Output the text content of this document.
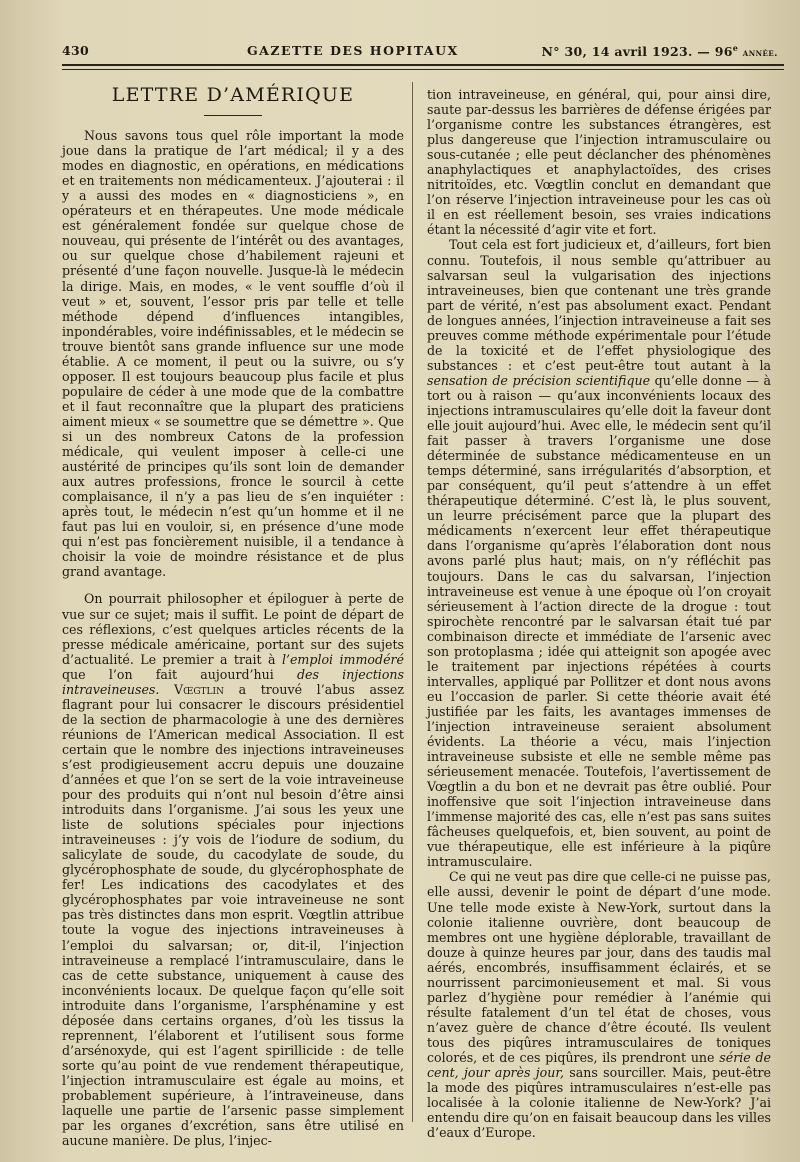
430	GAZETTE DES HOPITAUX	N° 30, 14 avril 1923. — 96e année.
LETTRE D’AMÉRIQUE

Nous savons tous quel rôle important la mode joue dans la pratique de l’art médical; il y a des modes en diagnostic, en opérations, en médications et en traitements non médicamenteux. J’ajouterai : il y a aussi des modes en « diagnosticiens », en opérateurs et en thérapeutes. Une mode médicale est généralement fondée sur quelque chose de nouveau, qui présente de l’intérêt ou des avantages, ou sur quelque chose d’habilement rajeuni et présenté d’une façon nouvelle. Jusque-là le médecin la dirige. Mais, en modes, « le vent souffle d’où il veut » et, souvent, l’essor pris par telle et telle méthode dépend d’influences intangibles, inpondérables, voire indéfinissables, et le médecin se trouve bientôt sans grande influence sur une mode établie. A ce moment, il peut ou la suivre, ou s’y opposer. Il est toujours beaucoup plus facile et plus populaire de céder à une mode que de la combattre et il faut reconnaître que la plupart des praticiens aiment mieux « se soumettre que se démettre ». Que si un des nombreux Catons de la profession médicale, qui veulent imposer à celle-ci une austérité de principes qu’ils sont loin de demander aux autres professions, fronce le sourcil à cette complaisance, il n’y a pas lieu de s’en inquiéter : après tout, le médecin n’est qu’un homme et il ne faut pas lui en vouloir, si, en présence d’une mode qui n’est pas foncièrement nuisible, il a tendance à choisir la voie de moindre résistance et de plus grand avantage.

On pourrait philosopher et épiloguer à perte de vue sur ce sujet; mais il suffit. Le point de départ de ces réflexions, c’est quelques articles récents de la presse médicale américaine, portant sur des sujets d’actualité. Le premier a trait à l’emploi immodéré que l’on fait aujourd’hui des injections intraveineuses. Vœgtlin a trouvé l’abus assez flagrant pour lui consacrer le discours présidentiel de la section de pharmacologie à une des dernières réunions de l’American medical Association. Il est certain que le nombre des injections intraveineuses s’est prodigieusement accru depuis une douzaine d’années et que l’on se sert de la voie intraveineuse pour des produits qui n’ont nul besoin d’être ainsi introduits dans l’organisme. J’ai sous les yeux une liste de solutions spéciales pour injections intraveineuses : j’y vois de l’iodure de sodium, du salicylate de soude, du cacodylate de soude, du glycérophosphate de soude, du glycérophosphate de fer! Les indications des cacodylates et des glycérophosphates par voie intraveineuse ne sont pas très distinctes dans mon esprit. Vœgtlin attribue toute la vogue des injections intraveineuses à l’emploi du salvarsan; or, dit-il, l’injection intraveineuse a remplacé l’intramusculaire, dans le cas de cette substance, uniquement à cause des inconvénients locaux. De quelque façon qu’elle soit introduite dans l’organisme, l’arsphénamine y est déposée dans certains organes, d’où les tissus la reprennent, l’élaborent et l’utilisent sous forme d’arsénoxyde, qui est l’agent spirillicide : de telle sorte qu’au point de vue rendement thérapeutique, l’injection intramusculaire est égale au moins, et probablement supérieure, à l’intraveineuse, dans laquelle une partie de l’arsenic passe simplement par les organes d’excrétion, sans être utilisé en aucune manière. De plus, l’injec-

tion intraveineuse, en général, qui, pour ainsi dire, saute par-dessus les barrières de défense érigées par l’organisme contre les substances étrangères, est plus dangereuse que l’injection intramusculaire ou sous-cutanée ; elle peut déclancher des phénomènes anaphylactiques et anaphylactoïdes, des crises nitritoïdes, etc. Vœgtlin conclut en demandant que l’on réserve l’injection intraveineuse pour les cas où il en est réellement besoin, ses vraies indications étant la nécessité d’agir vite et fort.

Tout cela est fort judicieux et, d’ailleurs, fort bien connu. Toutefois, il nous semble qu’attribuer au salvarsan seul la vulgarisation des injections intraveineuses, bien que contenant une très grande part de vérité, n’est pas absolument exact. Pendant de longues années, l’injection intraveineuse a fait ses preuves comme méthode expérimentale pour l’étude de la toxicité et de l’effet physiologique des substances : et c’est peut-être tout autant à la sensation de précision scientifique qu’elle donne — à tort ou à raison — qu’aux inconvénients locaux des injections intramusculaires qu’elle doit la faveur dont elle jouit aujourd’hui. Avec elle, le médecin sent qu’il fait passer à travers l’organisme une dose déterminée de substance médicamenteuse en un temps déterminé, sans irrégularités d’absorption, et par conséquent, qu’il peut s’attendre à un effet thérapeutique déterminé. C’est là, le plus souvent, un leurre précisément parce que la plupart des médicaments n’exercent leur effet thérapeutique dans l’organisme qu’après l’élaboration dont nous avons parlé plus haut; mais, on n’y réfléchit pas toujours. Dans le cas du salvarsan, l’injection intraveineuse est venue à une époque où l’on croyait sérieusement à l’action directe de la drogue : tout spirochète rencontré par le salvarsan était tué par combinaison directe et immédiate de l’arsenic avec son protoplasma ; idée qui atteignit son apogée avec le traitement par injections répétées à courts intervalles, appliqué par Pollitzer et dont nous avons eu l’occasion de parler. Si cette théorie avait été justifiée par les faits, les avantages immenses de l’injection intraveineuse seraient absolument évidents. La théorie a vécu, mais l’injection intraveineuse subsiste et elle ne semble même pas sérieusement menacée. Toutefois, l’avertissement de Vœgtlin a du bon et ne devrait pas être oublié. Pour inoffensive que soit l’injection intraveineuse dans l’immense majorité des cas, elle n’est pas sans suites fâcheuses quelquefois, et, bien souvent, au point de vue thérapeutique, elle est inférieure à la piqûre intramusculaire.

Ce qui ne veut pas dire que celle-ci ne puisse pas, elle aussi, devenir le point de départ d’une mode. Une telle mode existe à New-York, surtout dans la colonie italienne ouvrière, dont beaucoup de membres ont une hygiène déplorable, travaillant de douze à quinze heures par jour, dans des taudis mal aérés, encombrés, insuffisamment éclairés, et se nourrissent parcimonieusement et mal. Si vous parlez d’hygiène pour remédier à l’anémie qui résulte fatalement d’un tel état de choses, vous n’avez guère de chance d’être écouté. Ils veulent tous des piqûres intramusculaires de toniques colorés, et de ces piqûres, ils prendront une série de cent, jour après jour, sans sourciller. Mais, peut-être la mode des piqûres intramusculaires n’est-elle pas localisée à la colonie italienne de New-York? J’ai entendu dire qu’on en faisait beaucoup dans les villes d’eaux d’Europe.
